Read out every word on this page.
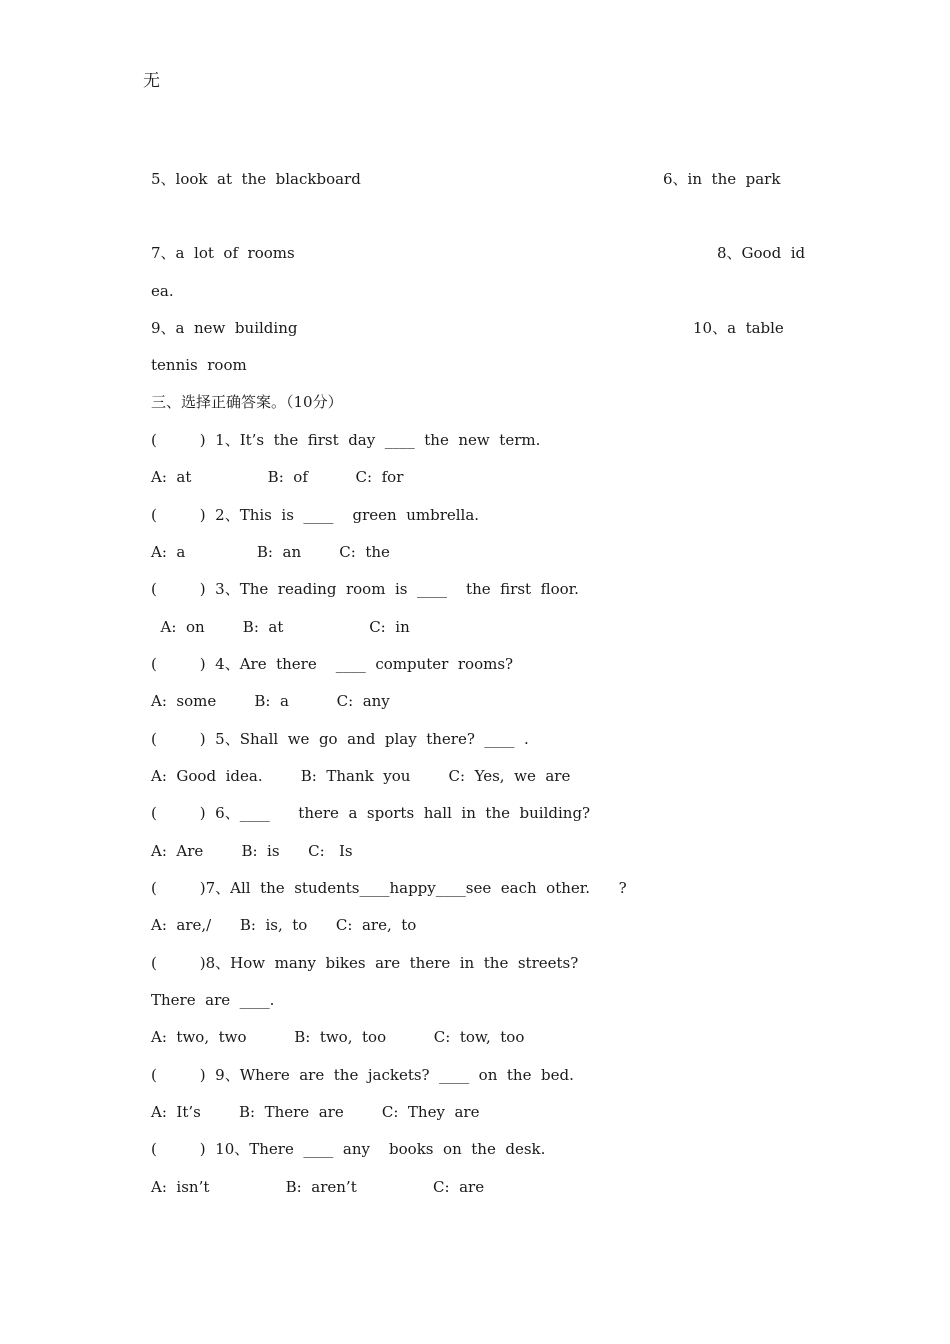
无
5、look  at  the  blackboard	6、in  the  park
7、a  lot  of  rooms	8、Good  id
ea.
9、a  new  building	10、a  table
tennis  room
三、选择正确答案。（10分）
(         )  1、It’s  the  first  day  ____  the  new  term.
A:  at                B:  of          C:  for
(         )  2、This  is  ____    green  umbrella.
A:  a               B:  an        C:  the
(         )  3、The  reading  room  is  ____    the  first  floor.
A:  on        B:  at                  C:  in
(         )  4、Are  there    ____  computer  rooms?
A:  some        B:  a          C:  any
(         )  5、Shall  we  go  and  play  there?  ____  .
A:  Good  idea.        B:  Thank  you        C:  Yes,  we  are
(         )  6、____      there  a  sports  hall  in  the  building?
A:  Are        B:  is      C:   Is
(         )7、All  the  students____happy____see  each  other.      ?
A:  are,/      B:  is,  to      C:  are,  to
(         )8、How  many  bikes  are  there  in  the  streets?
There  are  ____.
A:  two,  two          B:  two,  too          C:  tow,  too
(         )  9、Where  are  the  jackets?  ____  on  the  bed.
A:  It’s        B:  There  are        C:  They  are
(         )  10、There  ____  any    books  on  the  desk.
A:  isn’t                B:  aren’t                C:  are
